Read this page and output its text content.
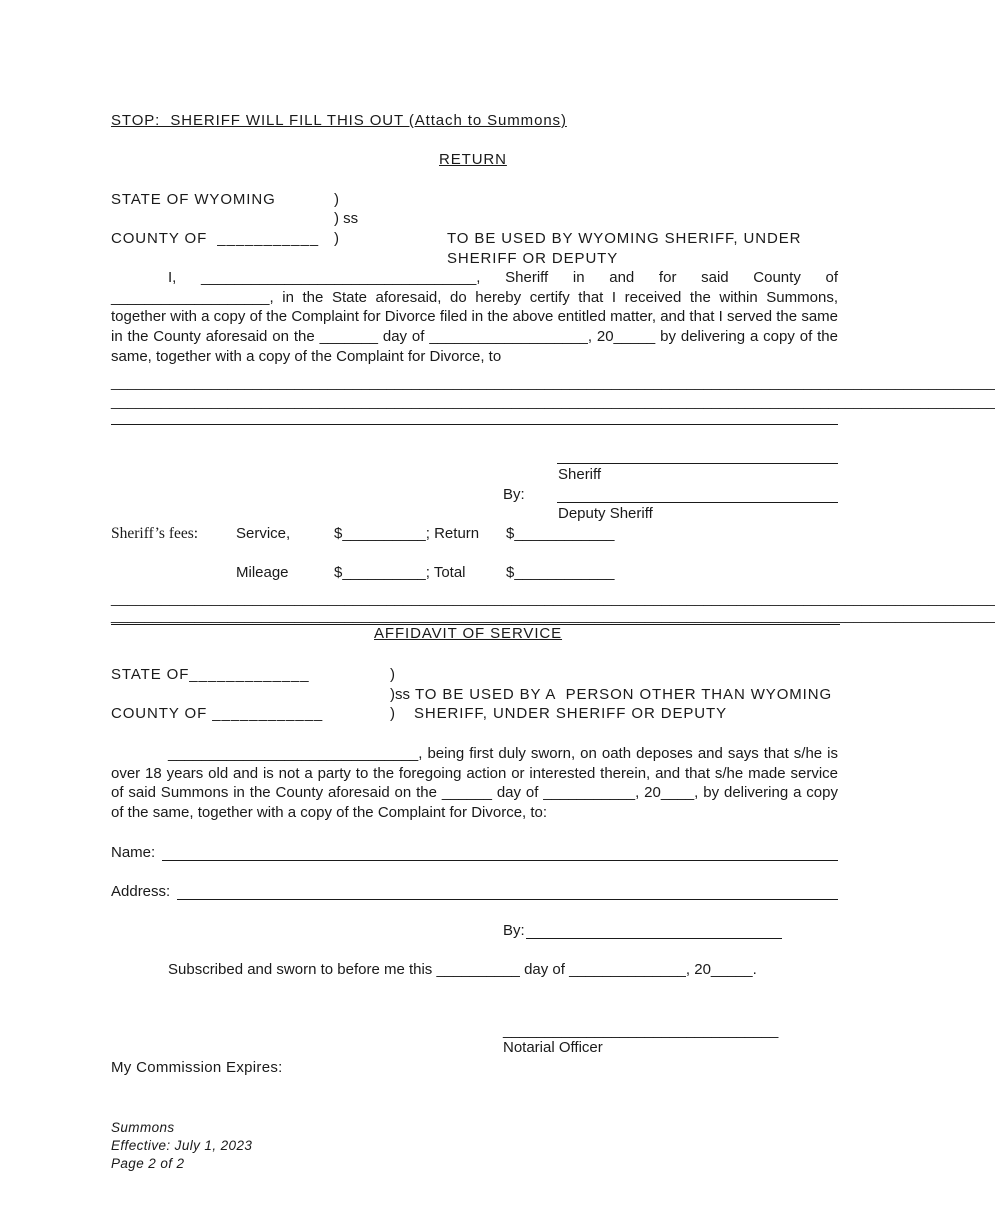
STOP:  SHERIFF WILL FILL THIS OUT (Attach to Summons)
RETURN
STATE OF WYOMING	)
) ss
COUNTY OF  ___________ )	TO BE USED BY WYOMING SHERIFF, UNDER
SHERIFF OR DEPUTY
I, _________________________________, Sheriff in and for said County of ___________________, in the State aforesaid, do hereby certify that I received the within Summons, together with a copy of the Complaint for Divorce filed in the above entitled matter, and that I served the same in the County aforesaid on the _______ day of ___________________, 20_____ by delivering a copy of the same, together with a copy of the Complaint for Divorce, to
__________________________________________________________________________________________________________
__________________________________________________________________________________________________________
Sheriff
By:
Deputy Sheriff
Sheriff’s fees:	Service,	$__________; Return $____________
Mileage	$__________; Total	$____________
__________________________________________________________________________________________________________
__________________________________________________________________________________________________________
AFFIDAVIT OF SERVICE
STATE OF_____________	)
)ss TO BE USED BY A  PERSON OTHER THAN WYOMING
COUNTY OF ____________	) SHERIFF, UNDER SHERIFF OR DEPUTY
______________________________, being first duly sworn, on oath deposes and says that s/he is over 18 years old and is not a party to the foregoing action or interested therein, and that s/he made service of said Summons in the County aforesaid on the ______ day of ___________, 20____, by delivering a copy of the same, together with a copy of the Complaint for Divorce, to:
Name:
Address:
By:
Subscribed and sworn to before me this __________ day of ______________, 20_____.
_________________________________
Notarial Officer
My Commission Expires:
Summons
Effective: July 1, 2023
Page 2 of 2
